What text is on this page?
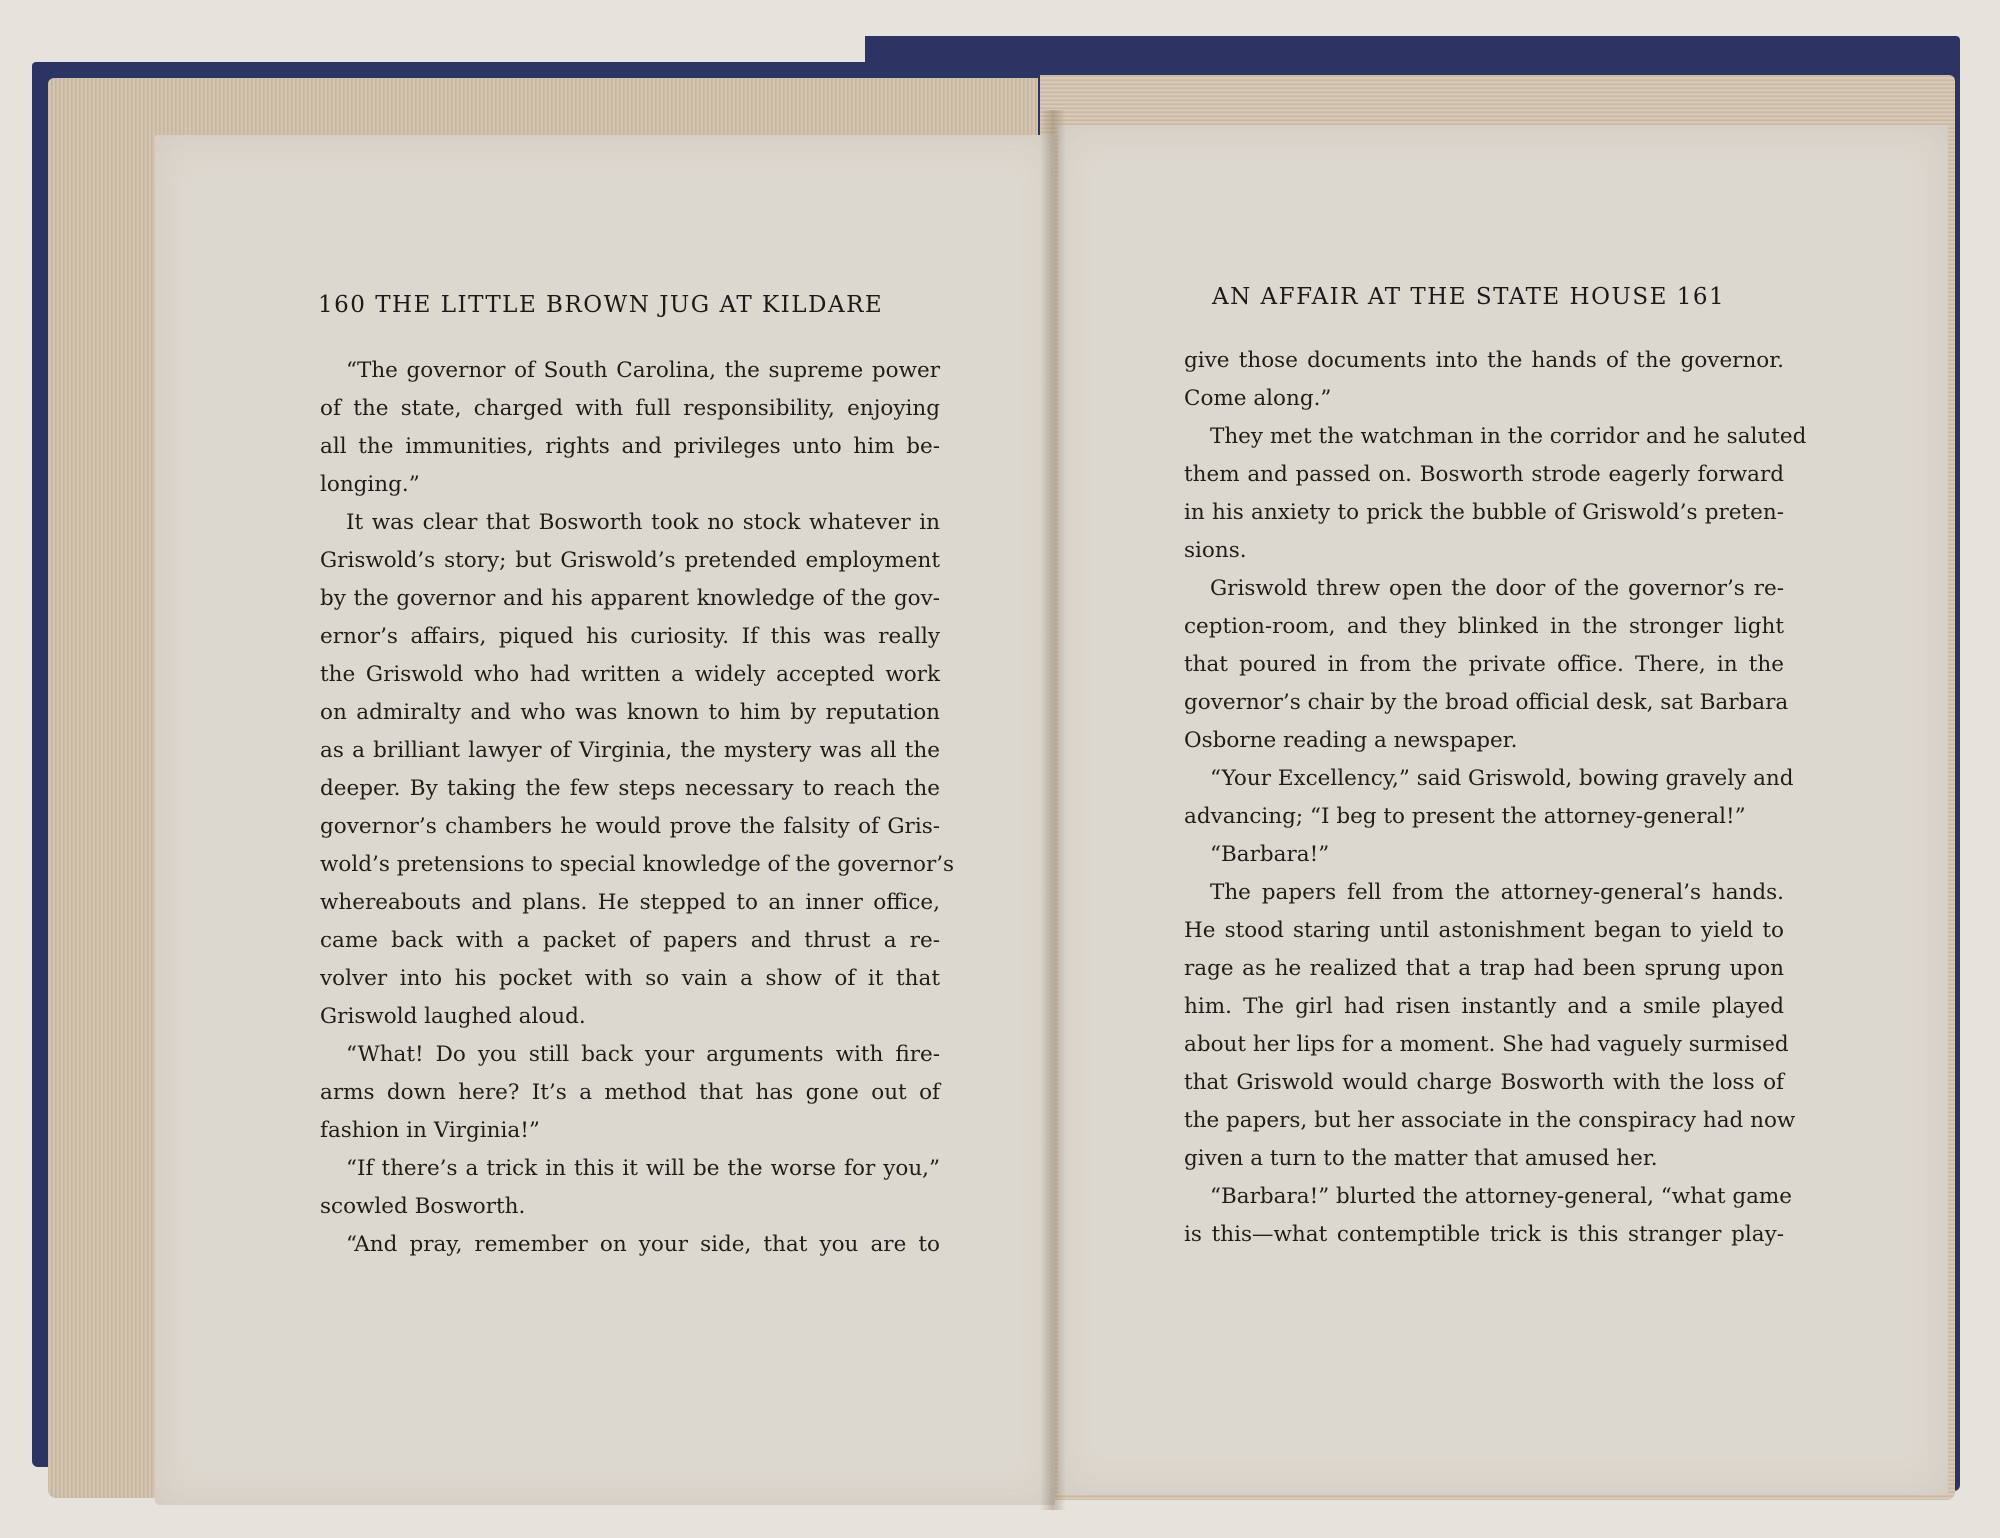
160 THE LITTLE BROWN JUG AT KILDARE	AN AFFAIR AT THE STATE HOUSE 161
“The governor of South Carolina, the supreme power
of the state, charged with full responsibility, enjoying
all the immunities, rights and privileges unto him be-
longing.”
It was clear that Bosworth took no stock whatever in
Griswold’s story; but Griswold’s pretended employment
by the governor and his apparent knowledge of the gov-
ernor’s affairs, piqued his curiosity. If this was really
the Griswold who had written a widely accepted work
on admiralty and who was known to him by reputation
as a brilliant lawyer of Virginia, the mystery was all the
deeper. By taking the few steps necessary to reach the
governor’s chambers he would prove the falsity of Gris-
wold’s pretensions to special knowledge of the governor’s
whereabouts and plans. He stepped to an inner office,
came back with a packet of papers and thrust a re-
volver into his pocket with so vain a show of it that
Griswold laughed aloud.
“What! Do you still back your arguments with fire-
arms down here? It’s a method that has gone out of
fashion in Virginia!”
“If there’s a trick in this it will be the worse for you,”
scowled Bosworth.
“And pray, remember on your side, that you are to
give those documents into the hands of the governor.
Come along.”
They met the watchman in the corridor and he saluted
them and passed on. Bosworth strode eagerly forward
in his anxiety to prick the bubble of Griswold’s preten-
sions.
Griswold threw open the door of the governor’s re-
ception-room, and they blinked in the stronger light
that poured in from the private office. There, in the
governor’s chair by the broad official desk, sat Barbara
Osborne reading a newspaper.
“Your Excellency,” said Griswold, bowing gravely and
advancing; “I beg to present the attorney-general!”
“Barbara!”
The papers fell from the attorney-general’s hands.
He stood staring until astonishment began to yield to
rage as he realized that a trap had been sprung upon
him. The girl had risen instantly and a smile played
about her lips for a moment. She had vaguely surmised
that Griswold would charge Bosworth with the loss of
the papers, but her associate in the conspiracy had now
given a turn to the matter that amused her.
“Barbara!” blurted the attorney-general, “what game
is this—what contemptible trick is this stranger play-
